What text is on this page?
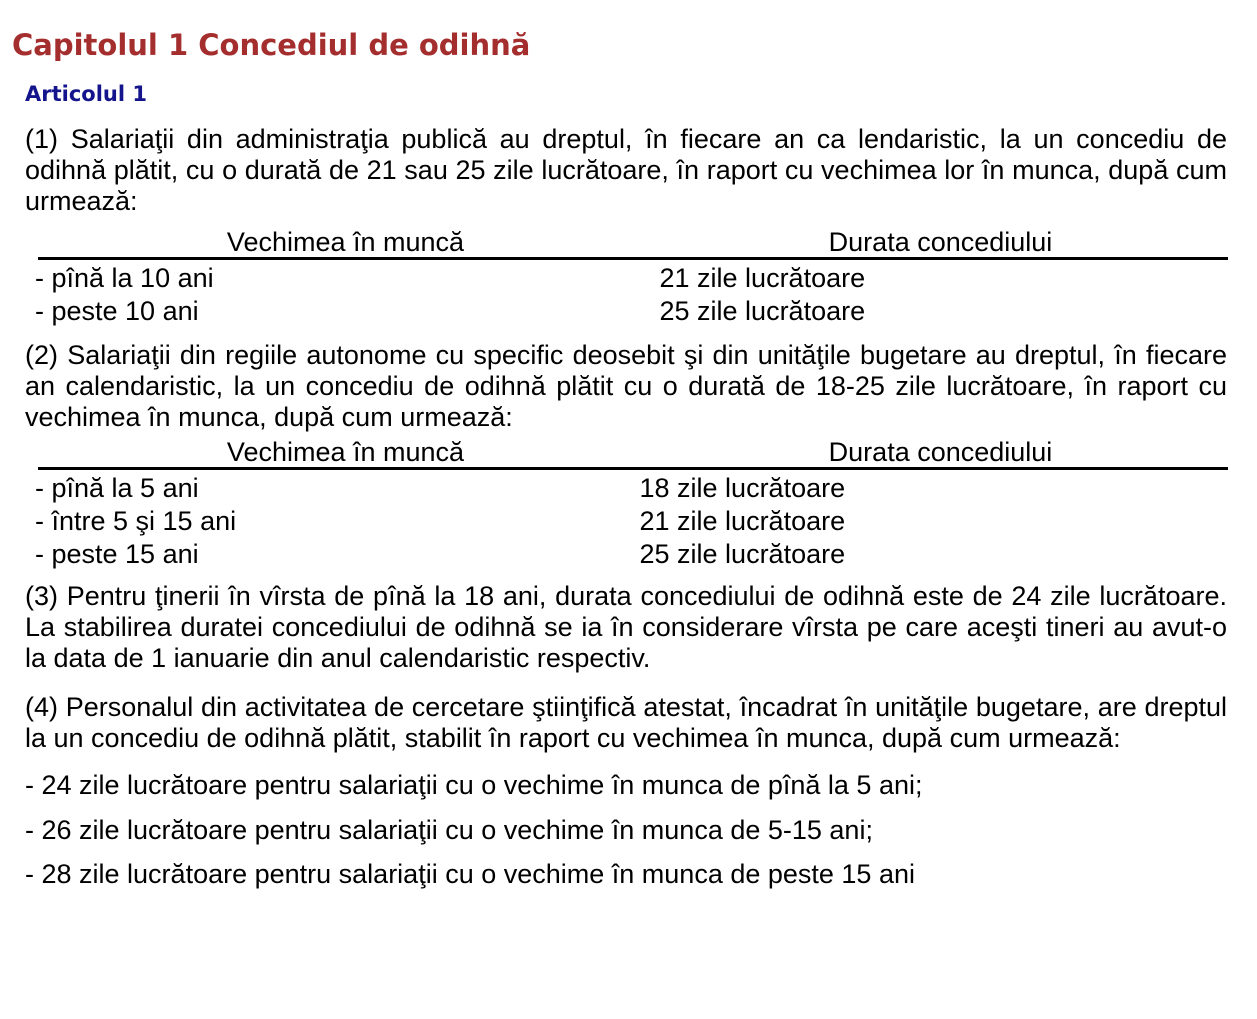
Capitolul 1 Concediul de odihnă
Articolul 1

(1) Salariaţii din administraţia publică au dreptul, în fiecare an ca lendaristic, la un concediu de odihnă plătit, cu o durată de 21 sau 25 zile lucrătoare, în raport cu vechimea lor în munca, după cum urmează:

Vechimea în muncă	Durata concediului
- pînă la 10 ani	21 zile lucrătoare
- peste 10 ani	25 zile lucrătoare

(2) Salariaţii din regiile autonome cu specific deosebit şi din unităţile bugetare au dreptul, în fiecare an calendaristic, la un concediu de odihnă plătit cu o durată de 18-25 zile lucrătoare, în raport cu vechimea în munca, după cum urmează:

Vechimea în muncă	Durata concediului
- pînă la 5 ani	18 zile lucrătoare
- între 5 şi 15 ani	21 zile lucrătoare
- peste 15 ani	25 zile lucrătoare

(3) Pentru ţinerii în vîrsta de pînă la 18 ani, durata concediului de odihnă este de 24 zile lucrătoare. La stabilirea duratei concediului de odihnă se ia în considerare vîrsta pe care aceşti tineri au avut-o la data de 1 ianuarie din anul calendaristic respectiv.

(4) Personalul din activitatea de cercetare ştiinţifică atestat, încadrat în unităţile bugetare, are dreptul la un concediu de odihnă plătit, stabilit în raport cu vechimea în munca, după cum urmează:

- 24 zile lucrătoare pentru salariaţii cu o vechime în munca de pînă la 5 ani;

- 26 zile lucrătoare pentru salariaţii cu o vechime în munca de 5-15 ani;

- 28 zile lucrătoare pentru salariaţii cu o vechime în munca de peste 15 ani
